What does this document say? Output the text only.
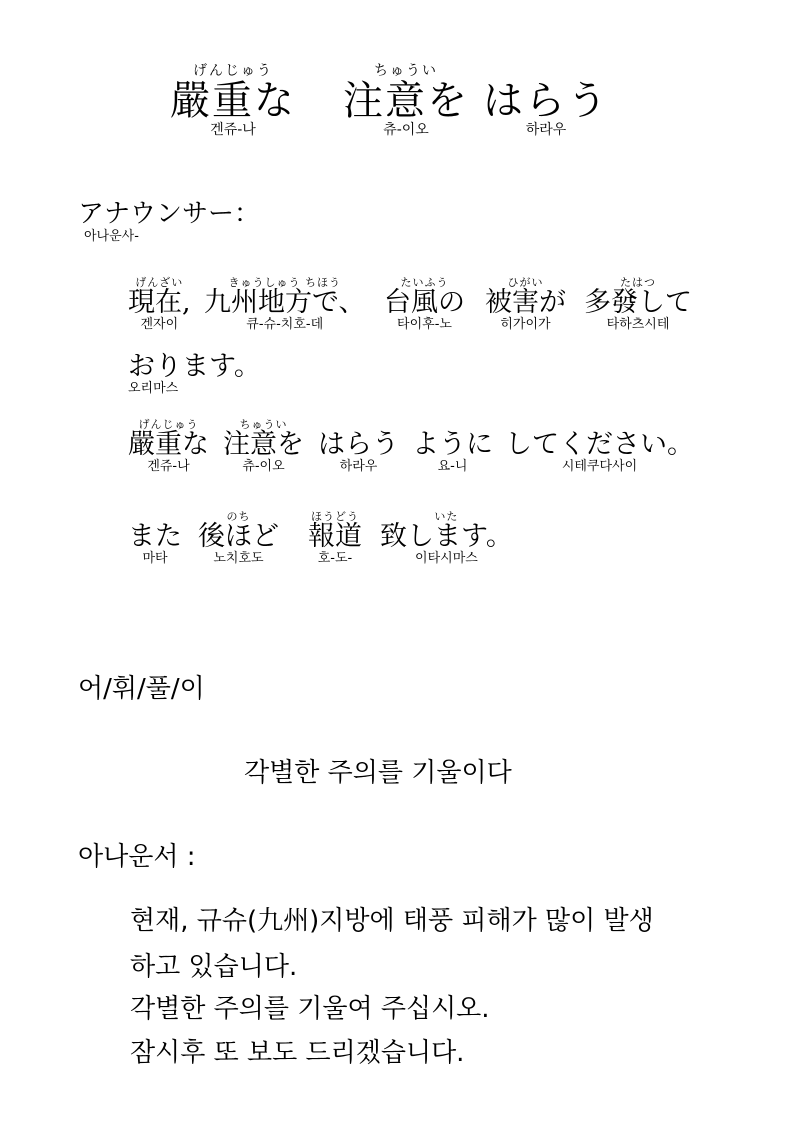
げんじゅう
嚴重な
겐쥬-나
ちゅうい
注意を
츄-이오
はらう
하라우
アナウンサー：
아나운사-
げんざい
現在,
겐자이
きゅうしゅう ちほう
九州地方で、
큐-슈-치호-데
たいふう
台風の
타이후-노
ひがい
被害が
히가이가
たはつ
多發して
타하츠시테
おります。
오리마스
げんじゅう
嚴重な
겐쥬-나
ちゅうい
注意を
츄-이오
はらう
하라우
ように
요-니
してください。
시테쿠다사이
また
마타
のち
後ほど
노치호도
ほうどう
報道
호-도-
いた
致します。
이타시마스
어/휘/풀/이
각별한 주의를 기울이다
아나운서 :
현재, 규슈(九州)지방에 태풍 피해가 많이 발생
하고 있습니다.
각별한 주의를 기울여 주십시오.
잠시후 또 보도 드리겠습니다.
